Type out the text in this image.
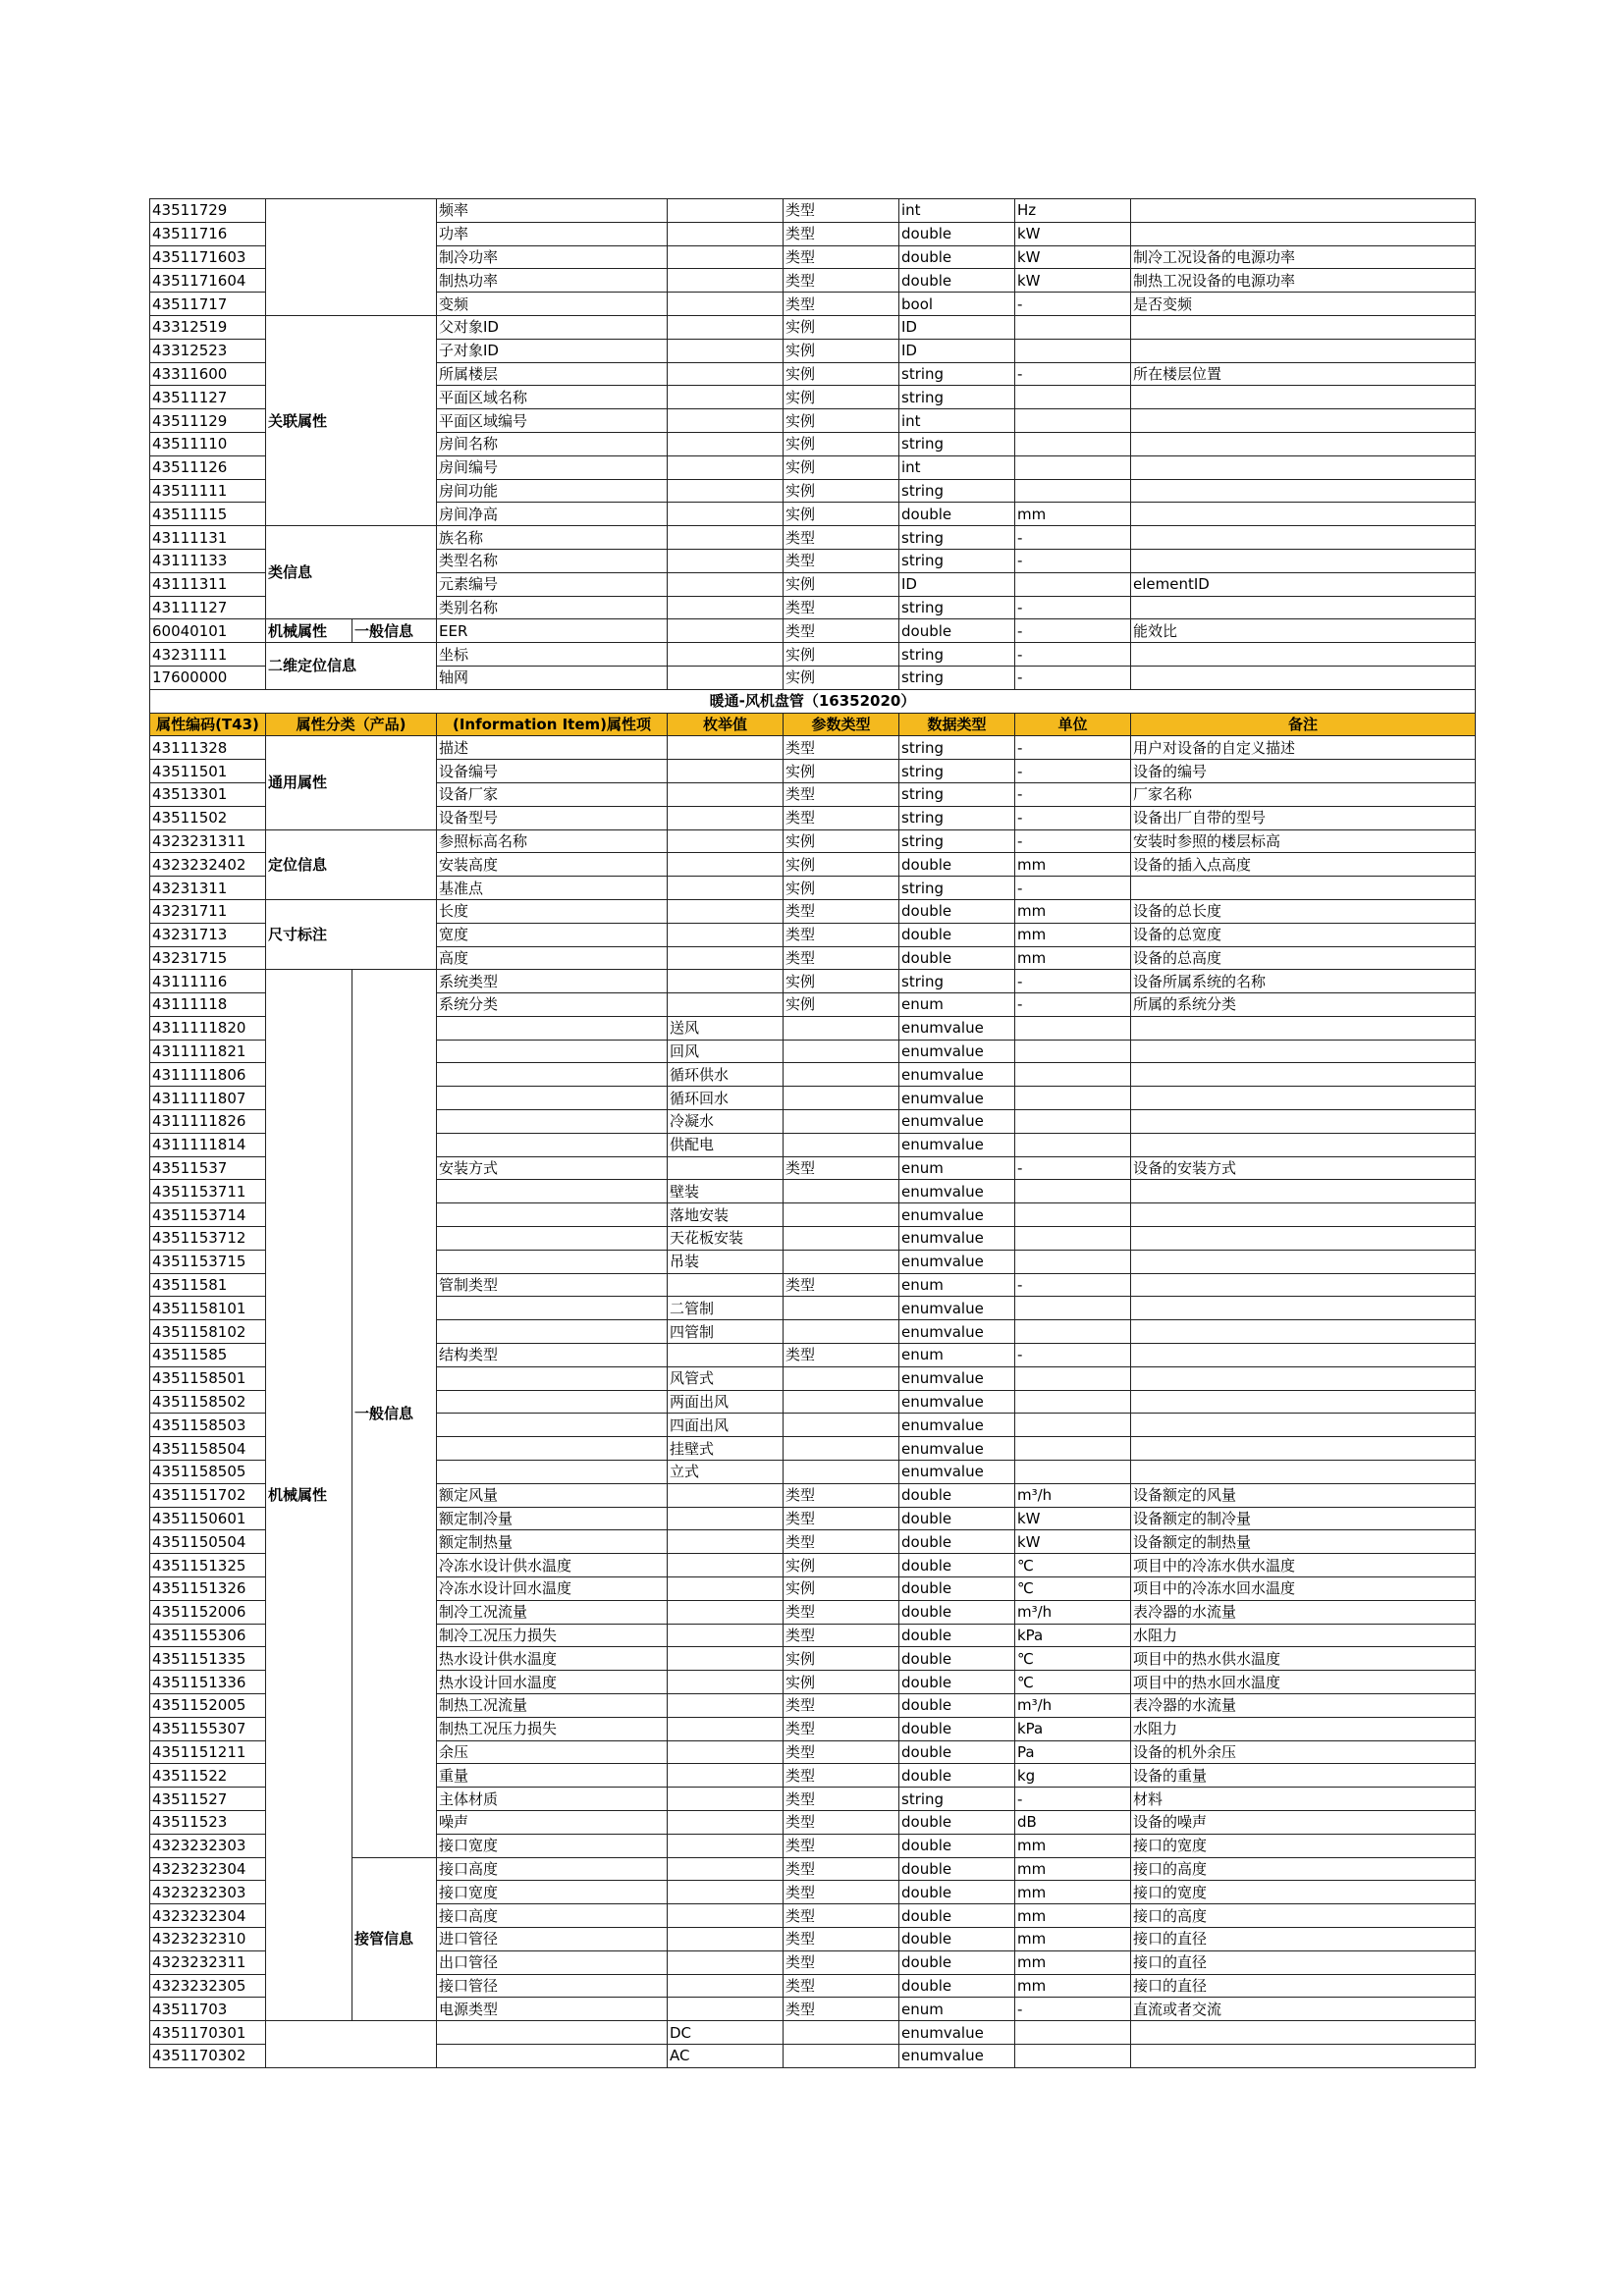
43511729			频率		类型	int	Hz	
43511716			功率		类型	double	kW	
4351171603			制冷功率		类型	double	kW	制冷工况设备的电源功率
4351171604			制热功率		类型	double	kW	制热工况设备的电源功率
43511717			变频		类型	bool	-	是否变频
43312519	关联属性		父对象ID		实例	ID		
43312523			子对象ID		实例	ID		
43311600			所属楼层		实例	string	-	所在楼层位置
43511127			平面区域名称		实例	string		
43511129			平面区域编号		实例	int		
43511110			房间名称		实例	string		
43511126			房间编号		实例	int		
43511111			房间功能		实例	string		
43511115			房间净高		实例	double	mm	
43111131	类信息		族名称		类型	string	-	
43111133			类型名称		类型	string	-	
43111311			元素编号		实例	ID		elementID
43111127			类别名称		类型	string	-	
60040101	机械属性	一般信息	EER		类型	double	-	能效比
43231111	二维定位信息		坐标		实例	string	-	
17600000			轴网		实例	string	-	
暖通-风机盘管（16352020）								
属性编码(T43)	属性分类（产品)		(Information Item)属性项	枚举值	参数类型	数据类型	单位	备注
43111328	通用属性		描述		类型	string	-	用户对设备的自定义描述
43511501			设备编号		实例	string	-	设备的编号
43513301			设备厂家		类型	string	-	厂家名称
43511502			设备型号		类型	string	-	设备出厂自带的型号
4323231311	定位信息		参照标高名称		实例	string	-	安装时参照的楼层标高
4323232402			安装高度		实例	double	mm	设备的插入点高度
43231311			基准点		实例	string	-	
43231711	尺寸标注		长度		类型	double	mm	设备的总长度
43231713			宽度		类型	double	mm	设备的总宽度
43231715			高度		类型	double	mm	设备的总高度
43111116	机械属性	一般信息	系统类型		实例	string	-	设备所属系统的名称
43111118			系统分类		实例	enum	-	所属的系统分类
4311111820				送风		enumvalue		
4311111821				回风		enumvalue		
4311111806				循环供水		enumvalue		
4311111807				循环回水		enumvalue		
4311111826				冷凝水		enumvalue		
4311111814				供配电		enumvalue		
43511537			安装方式		类型	enum	-	设备的安装方式
4351153711				壁装		enumvalue		
4351153714				落地安装		enumvalue		
4351153712				天花板安装		enumvalue		
4351153715				吊装		enumvalue		
43511581			管制类型		类型	enum	-	
4351158101				二管制		enumvalue		
4351158102				四管制		enumvalue		
43511585			结构类型		类型	enum	-	
4351158501				风管式		enumvalue		
4351158502				两面出风		enumvalue		
4351158503				四面出风		enumvalue		
4351158504				挂壁式		enumvalue		
4351158505				立式		enumvalue		
4351151702			额定风量		类型	double	m³/h	设备额定的风量
4351150601			额定制冷量		类型	double	kW	设备额定的制冷量
4351150504			额定制热量		类型	double	kW	设备额定的制热量
4351151325			冷冻水设计供水温度		实例	double	℃	项目中的冷冻水供水温度
4351151326			冷冻水设计回水温度		实例	double	℃	项目中的冷冻水回水温度
4351152006			制冷工况流量		类型	double	m³/h	表冷器的水流量
4351155306			制冷工况压力损失		类型	double	kPa	水阻力
4351151335			热水设计供水温度		实例	double	℃	项目中的热水供水温度
4351151336			热水设计回水温度		实例	double	℃	项目中的热水回水温度
4351152005			制热工况流量		类型	double	m³/h	表冷器的水流量
4351155307			制热工况压力损失		类型	double	kPa	水阻力
4351151211			余压		类型	double	Pa	设备的机外余压
43511522			重量		类型	double	kg	设备的重量
43511527			主体材质		类型	string	-	材料
43511523			噪声		类型	double	dB	设备的噪声
4323232303			接口宽度		类型	double	mm	接口的宽度
4323232304		接管信息	接口高度		类型	double	mm	接口的高度
4323232303			接口宽度		类型	double	mm	接口的宽度
4323232304			接口高度		类型	double	mm	接口的高度
4323232310			进口管径		类型	double	mm	接口的直径
4323232311			出口管径		类型	double	mm	接口的直径
4323232305			接口管径		类型	double	mm	接口的直径
43511703			电源类型		类型	enum	-	直流或者交流
4351170301				DC		enumvalue		
4351170302				AC		enumvalue		
